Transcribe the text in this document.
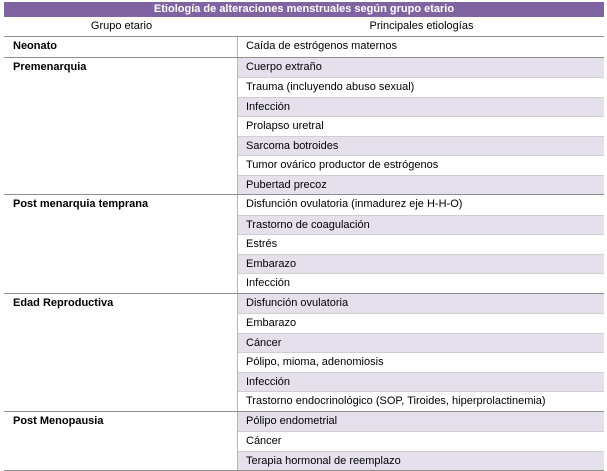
Etiología de alteraciones menstruales según grupo etario
Grupo etario	Principales etiologías
Neonato	Caída de estrógenos maternos
Premenarquia	Cuerpo extraño
Trauma (incluyendo abuso sexual)
Infección
Prolapso uretral
Sarcoma botroides
Tumor ovárico productor de estrógenos
Pubertad precoz
Post menarquia temprana	Disfunción ovulatoria (inmadurez eje H-H-O)
Trastorno de coagulación
Estrés
Embarazo
Infección
Edad Reproductiva	Disfunción ovulatoria
Embarazo
Cáncer
Pólipo, mioma, adenomiosis
Infección
Trastorno endocrinológico (SOP, Tiroides, hiperprolactinemia)
Post Menopausia	Pólipo endometrial
Cáncer
Terapia hormonal de reemplazo
